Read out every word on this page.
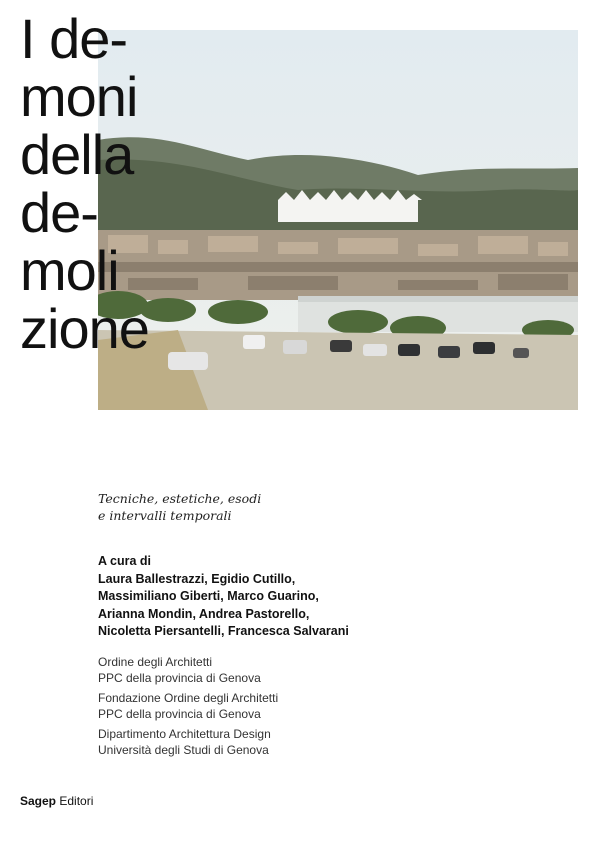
I de-
moni
della
de-
moli
zione
Tecniche, estetiche, esodi
e intervalli temporali
A cura di
Laura Ballestrazzi, Egidio Cutillo,
Massimiliano Giberti, Marco Guarino,
Arianna Mondin, Andrea Pastorello,
Nicoletta Piersantelli, Francesca Salvarani
Ordine degli Architetti
PPC della provincia di Genova
Fondazione Ordine degli Architetti
PPC della provincia di Genova
Dipartimento Architettura Design
Università degli Studi di Genova
Sagep Editori
